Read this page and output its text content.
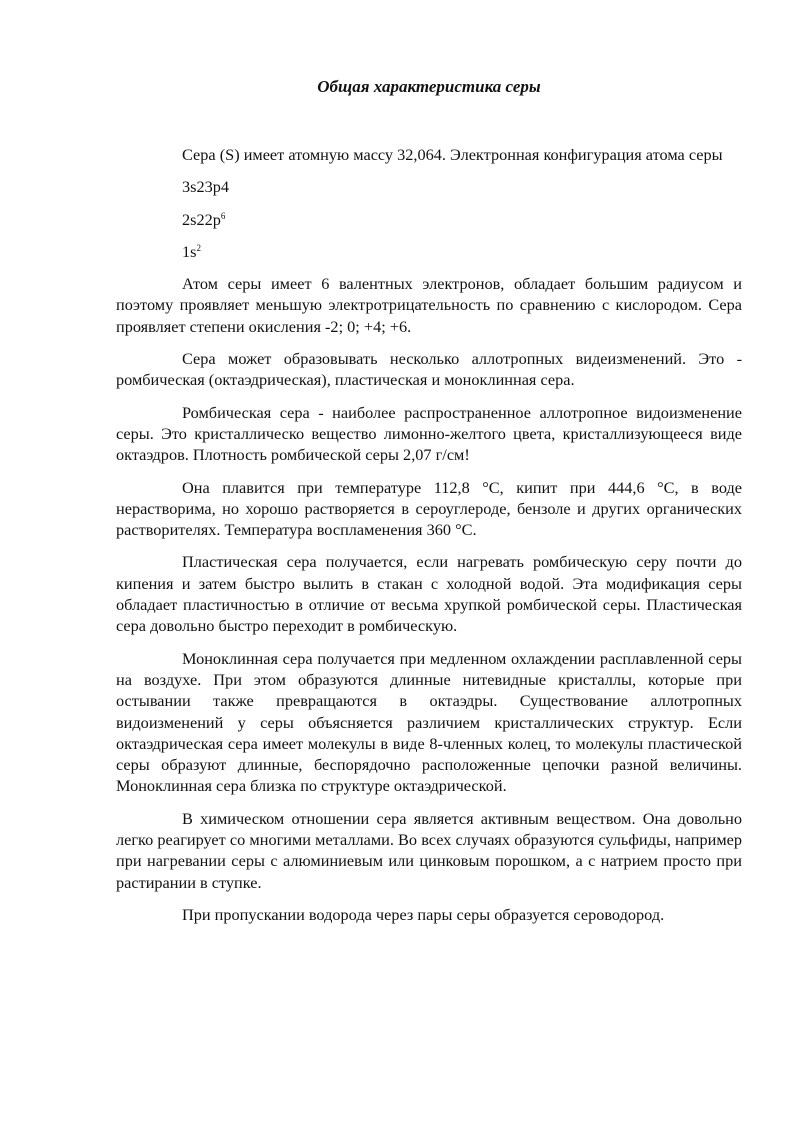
Общая характеристика серы

Сера (S) имеет атомную массу 32,064. Электронная конфигурация атома серы

3s23p4
$2s22p^6$
$1s^2$

Атом серы имеет 6 валентных электронов, обладает большим радиусом и поэтому проявляет меньшую электротрицательность по сравнению с кислородом. Сера проявляет степени окисления -2; 0; +4; +6.

Сера может образовывать несколько аллотропных видеизменений. Это - ромбическая (октаэдрическая), пластическая и моноклинная сера.

Ромбическая сера - наиболее распространенное аллотропное видоизменение серы. Это кристаллическо вещество лимонно-желтого цвета, кристаллизующееся виде октаэдров. Плотность ромбической серы 2,07 г/см!

Она плавится при температуре 112,8 °С, кипит при 444,6 °С, в воде нерастворима, но хорошо растворяется в сероуглероде, бензоле и других органических растворителях. Температура воспламенения 360 °С.

Пластическая сера получается, если нагревать ромбическую серу почти до кипения и затем быстро вылить в стакан с холодной водой. Эта модификация серы обладает пластичностью в отличие от весьма хрупкой ромбической серы. Пластическая сера довольно быстро переходит в ромбическую.

Моноклинная сера получается при медленном охлаждении расплавленной серы на воздухе. При этом образуются длинные нитевидные кристаллы, которые при остывании также превращаются в октаэдры. Существование аллотропных видоизменений у серы объясняется различием кристаллических структур. Если октаэдрическая сера имеет молекулы в виде 8-членных колец, то молекулы пластической серы образуют длинные, беспорядочно расположенные цепочки разной величины. Моноклинная сера близка по структуре октаэдрической.

В химическом отношении сера является активным веществом. Она довольно легко реагирует со многими металлами. Во всех случаях образуются сульфиды, например при нагревании серы с алюминиевым или цинковым порошком, а с натрием просто при растирании в ступке.

При пропускании водорода через пары серы образуется сероводород.
